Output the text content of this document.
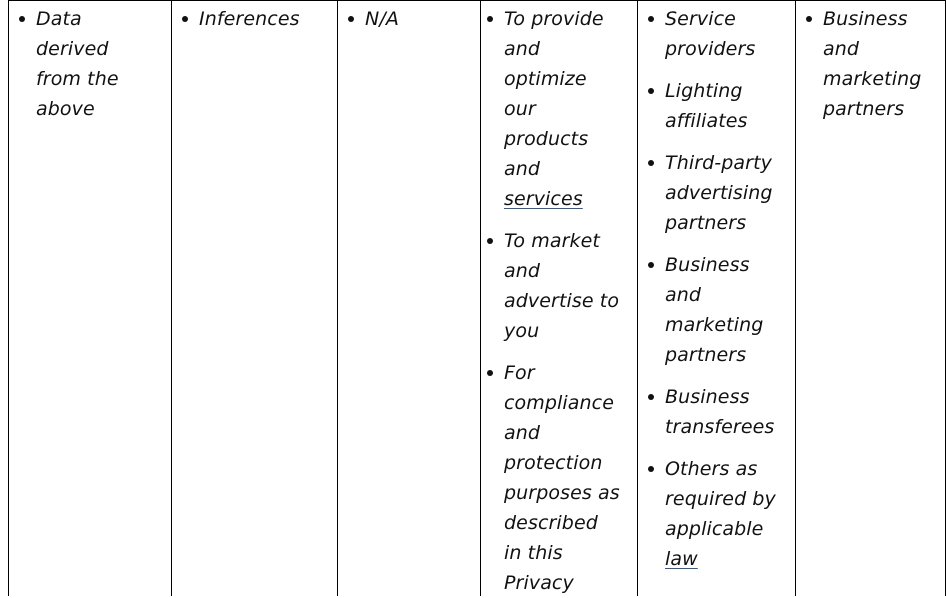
Data
derived
from the
above
Inferences	N/A	To provide
and
optimize
our
products
and
services
To market
and
advertise to
you
For
compliance
and
protection
purposes as
described
in this
Privacy
Service
providers
Lighting
affiliates
Third-party
advertising
partners
Business
and
marketing
partners
Business
transferees
Others as
required by
applicable
law
Business
and
marketing
partners
